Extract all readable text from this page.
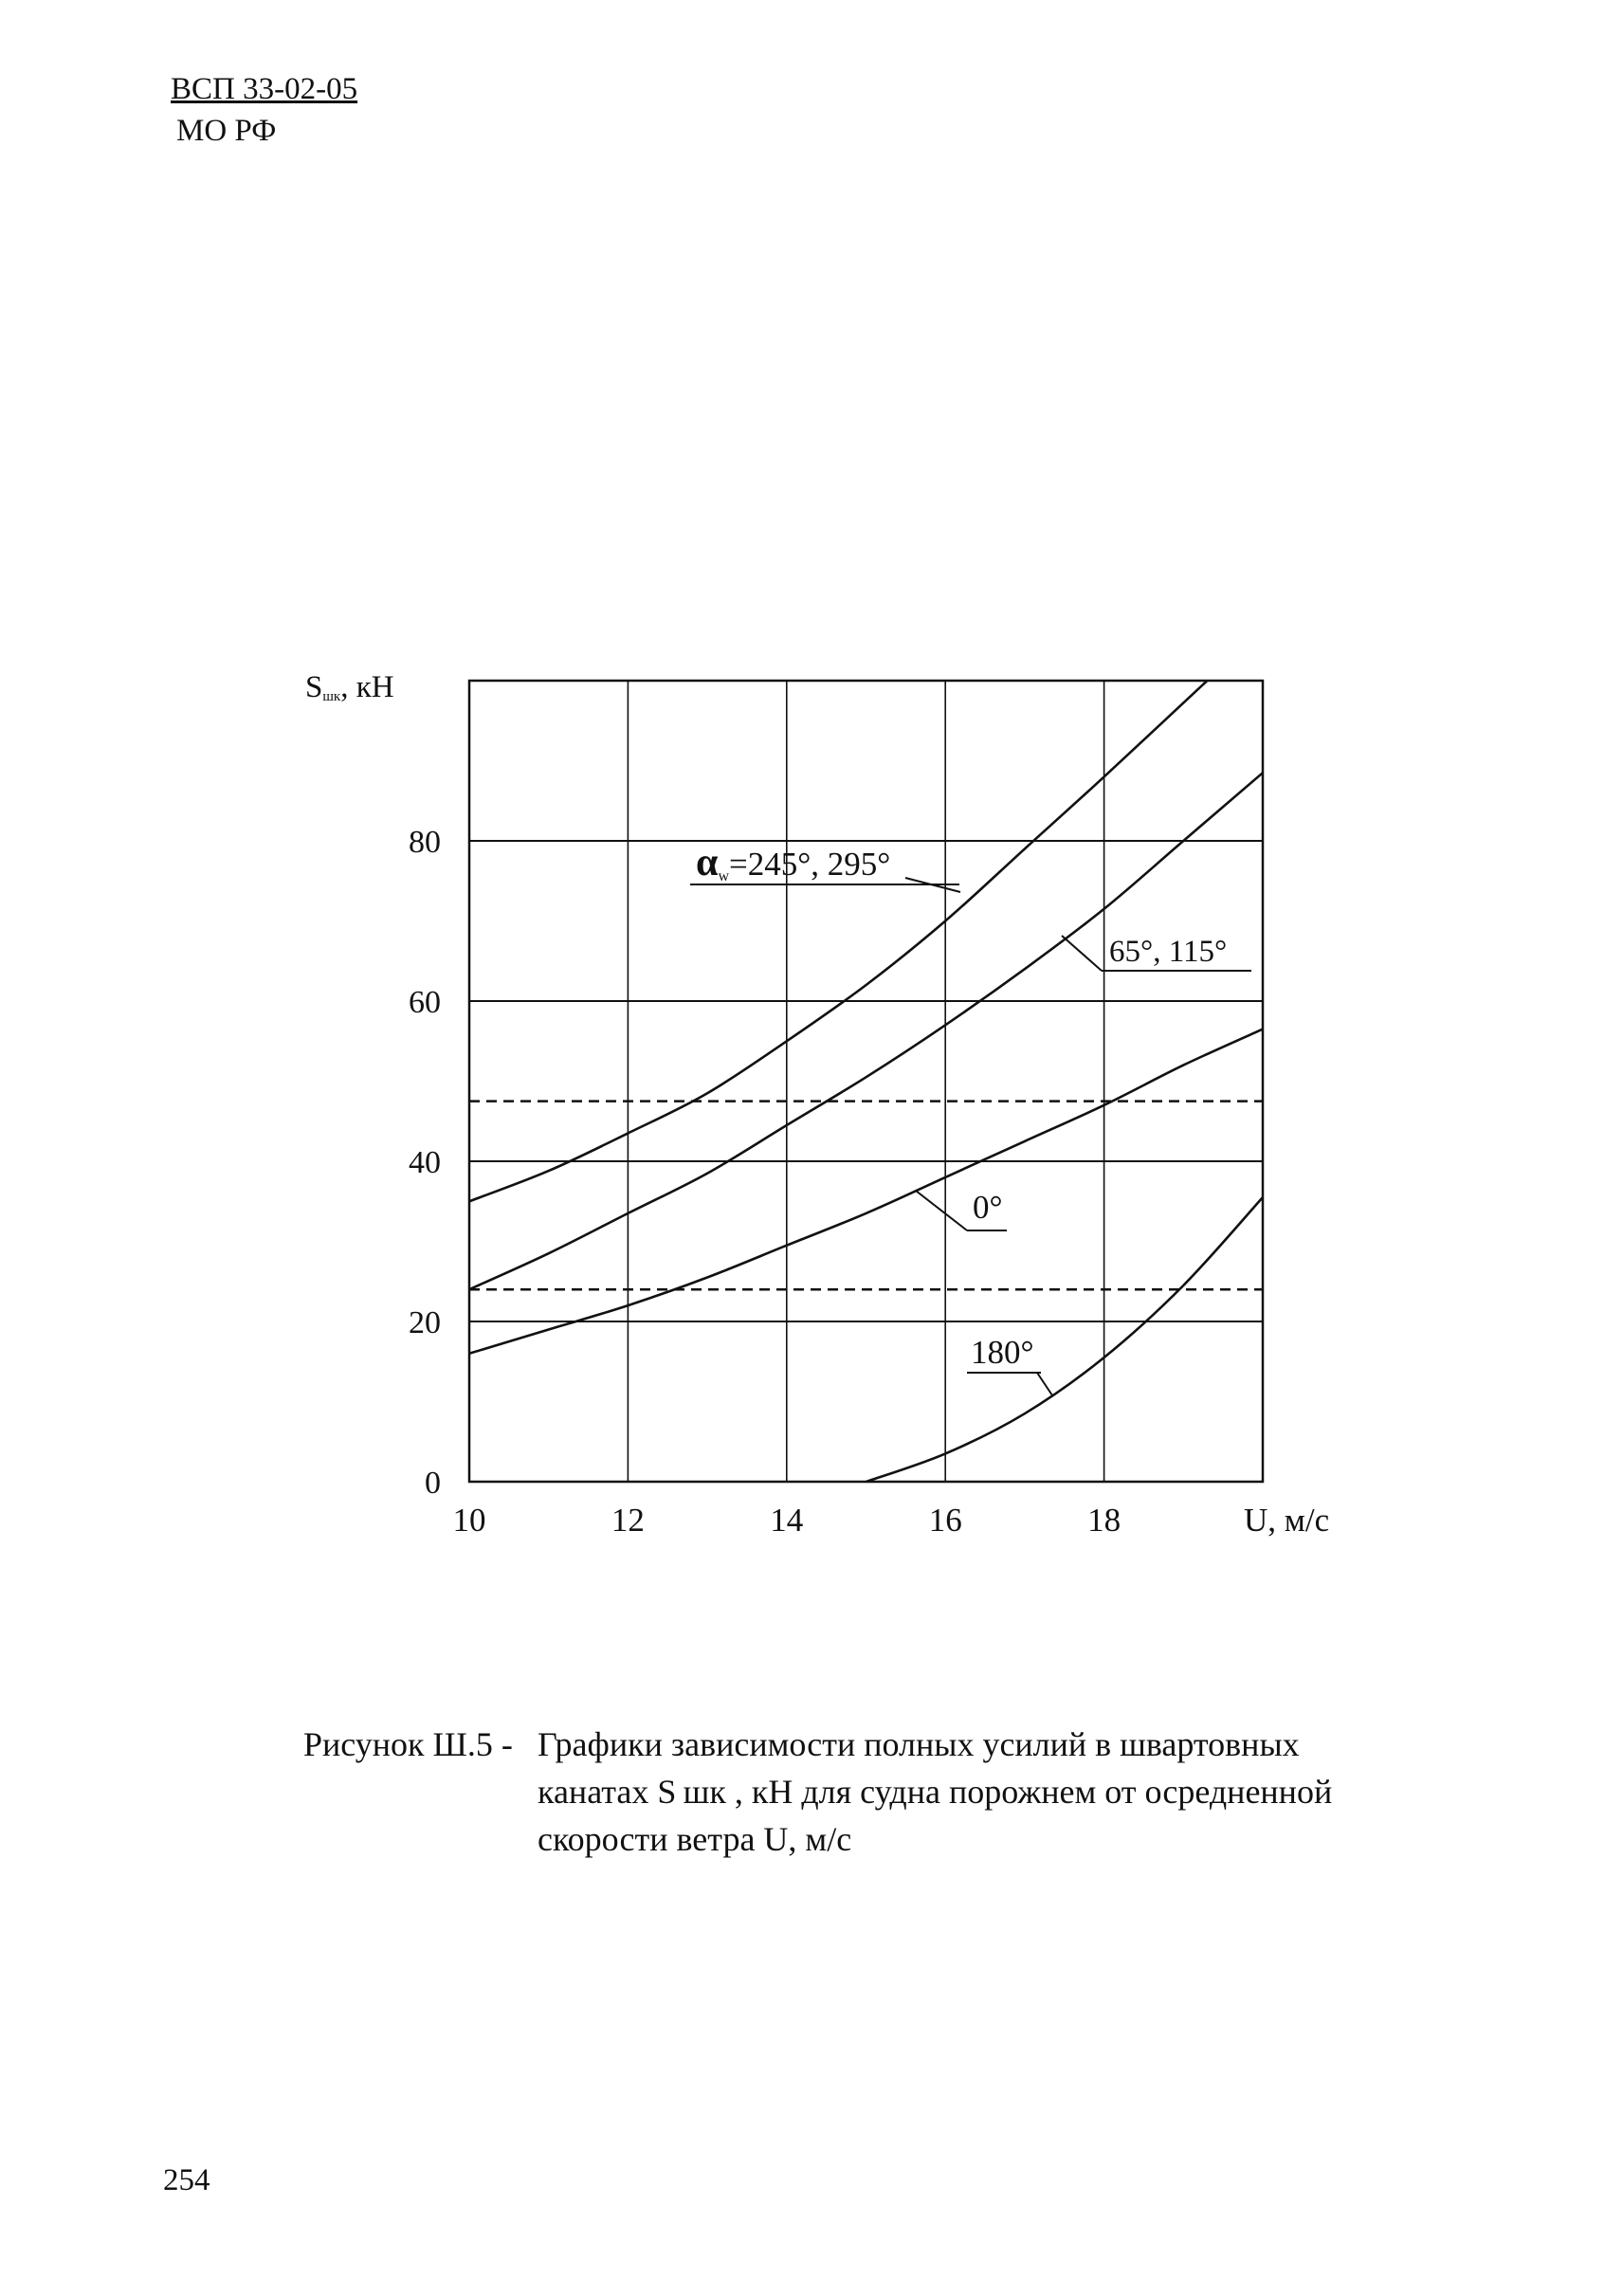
ВСП 33-02-05
МО РФ
0
20
40
60
80
10	12	14	16	18
Sшк, кН
U, м/с
αw=245°, 295°
65°, 115°
0°
180°
Рисунок Ш.5 - Графики зависимости полных усилий в швартовных
канатах S шк , кН для судна порожнем от осредненной
скорости ветра U, м/с
254
